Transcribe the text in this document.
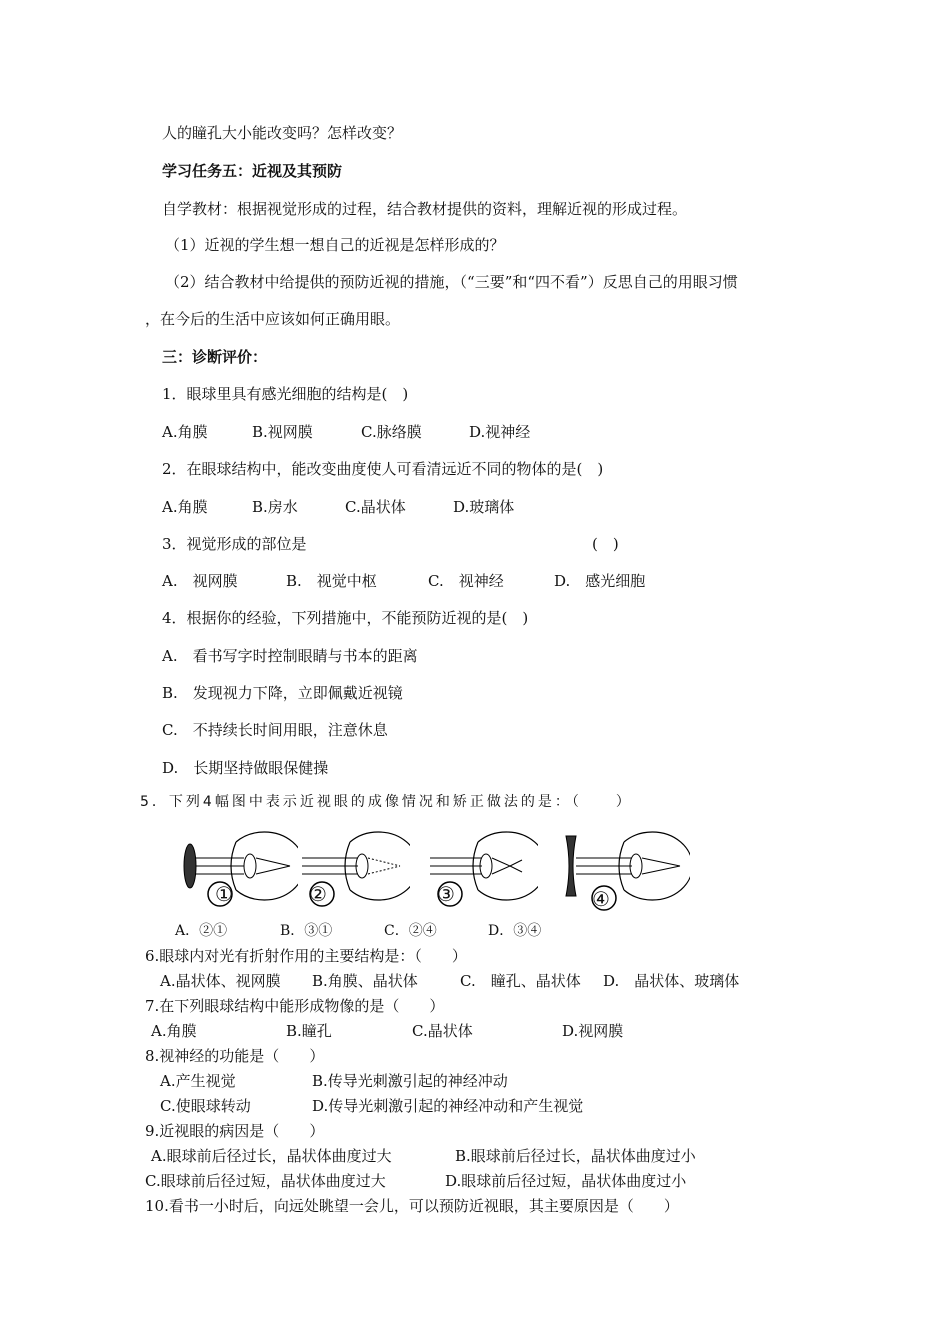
人的瞳孔大小能改变吗？怎样改变？
学习任务五：近视及其预防
自学教材：根据视觉形成的过程，结合教材提供的资料，理解近视的形成过程。
（1）近视的学生想一想自己的近视是怎样形成的？
（2）结合教材中给提供的预防近视的措施，（“三要”和“四不看”）反思自己的用眼习惯
，在今后的生活中应该如何正确用眼。
三：诊断评价：
1．眼球里具有感光细胞的结构是(　)
A.角膜	B.视网膜	C.脉络膜	D.视神经
2．在眼球结构中，能改变曲度使人可看清远近不同的物体的是(　)
A.角膜	B.房水	C.晶状体	D.玻璃体
3．视觉形成的部位是	(　)
A.　视网膜	B.　视觉中枢	C.　视神经	D.　感光细胞
4．根据你的经验，下列措施中，不能预防近视的是(　)
A.　看书写字时控制眼睛与书本的距离
B.　发现视力下降，立即佩戴近视镜
C.　不持续长时间用眼，注意休息
D.　长期坚持做眼保健操
5．下列4幅图中表示近视眼的成像情况和矫正做法的是：（　　）
①	②	③	④
A．②①	B．③①	C．②④	D．③④
6.眼球内对光有折射作用的主要结构是：（　　）
A.晶状体、视网膜 B.角膜、晶状体	C.　瞳孔、晶状体 D.　晶状体、玻璃体
7.在下列眼球结构中能形成物像的是（　　）
A.角膜	B.瞳孔	C.晶状体	D.视网膜
8.视神经的功能是（　　）
A.产生视觉	B.传导光刺激引起的神经冲动
C.使眼球转动	D.传导光刺激引起的神经冲动和产生视觉
9.近视眼的病因是（　　）
A.眼球前后径过长，晶状体曲度过大	B.眼球前后径过长，晶状体曲度过小
C.眼球前后径过短，晶状体曲度过大	D.眼球前后径过短，晶状体曲度过小
10.看书一小时后，向远处眺望一会儿，可以预防近视眼，其主要原因是（　　）
